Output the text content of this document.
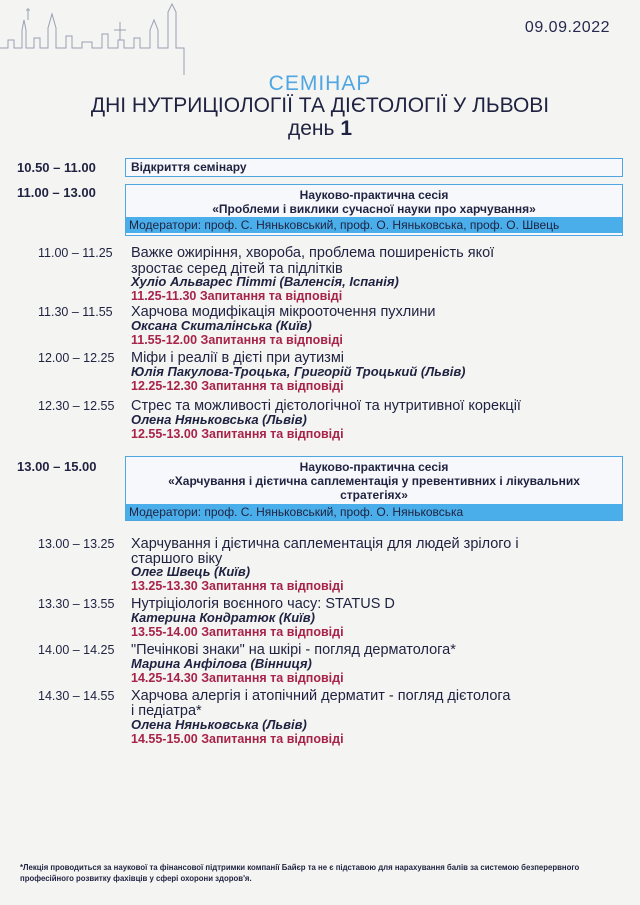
09.09.2022
СЕМІНАР
ДНІ НУТРИЦІОЛОГІЇ ТА ДІЄТОЛОГІЇ У ЛЬВОВІ
день 1
10.50 – 11.00	Відкриття семінару
11.00 – 13.00	Науково-практична сесія
«Проблеми і виклики сучасної науки про харчування»
Модератори: проф. С. Няньковський, проф. О. Няньковська, проф. О. Швець
11.00 – 11.25 Важке ожиріння, хвороба, проблема поширеність якої
зростає серед дітей та підлітків
Хуліо Альварес Пітті (Валенсія, Іспанія)
11.25-11.30 Запитання та відповіді
11.30 – 11.55 Харчова модифікація мікрооточення пухлини
Оксана Скиталінська (Київ)
11.55-12.00 Запитання та відповіді
12.00 – 12.25 Міфи і реалії в дієті при аутизмі
Юлія Пакулова-Троцька, Григорій Троцький (Львів)
12.25-12.30 Запитання та відповіді
12.30 – 12.55 Стрес та можливості дієтологічної та нутритивної корекції
Олена Няньковська (Львів)
12.55-13.00 Запитання та відповіді
13.00 – 15.00	Науково-практична сесія
«Харчування і дієтична саплементація у превентивних і лікувальних
стратегіях»
Модератори: проф. С. Няньковський, проф. О. Няньковська
13.00 – 13.25 Харчування і дієтична саплементація для людей зрілого і
старшого віку
Олег Швець (Київ)
13.25-13.30 Запитання та відповіді
13.30 – 13.55 Нутріціологія воєнного часу: STATUS D
Катерина Кондратюк (Київ)
13.55-14.00 Запитання та відповіді
14.00 – 14.25 "Печінкові знаки" на шкірі - погляд дерматолога*
Марина Анфілова (Вінниця)
14.25-14.30 Запитання та відповіді
14.30 – 14.55 Харчова алергія і атопічний дерматит - погляд дієтолога
і педіатра*
Олена Няньковська (Львів)
14.55-15.00 Запитання та відповіді
*Лекція проводиться за наукової та фінансової підтримки компанії Байєр та не є підставою для нарахування балів за системою безперервного професійного розвитку фахівців у сфері охорони здоров'я.
